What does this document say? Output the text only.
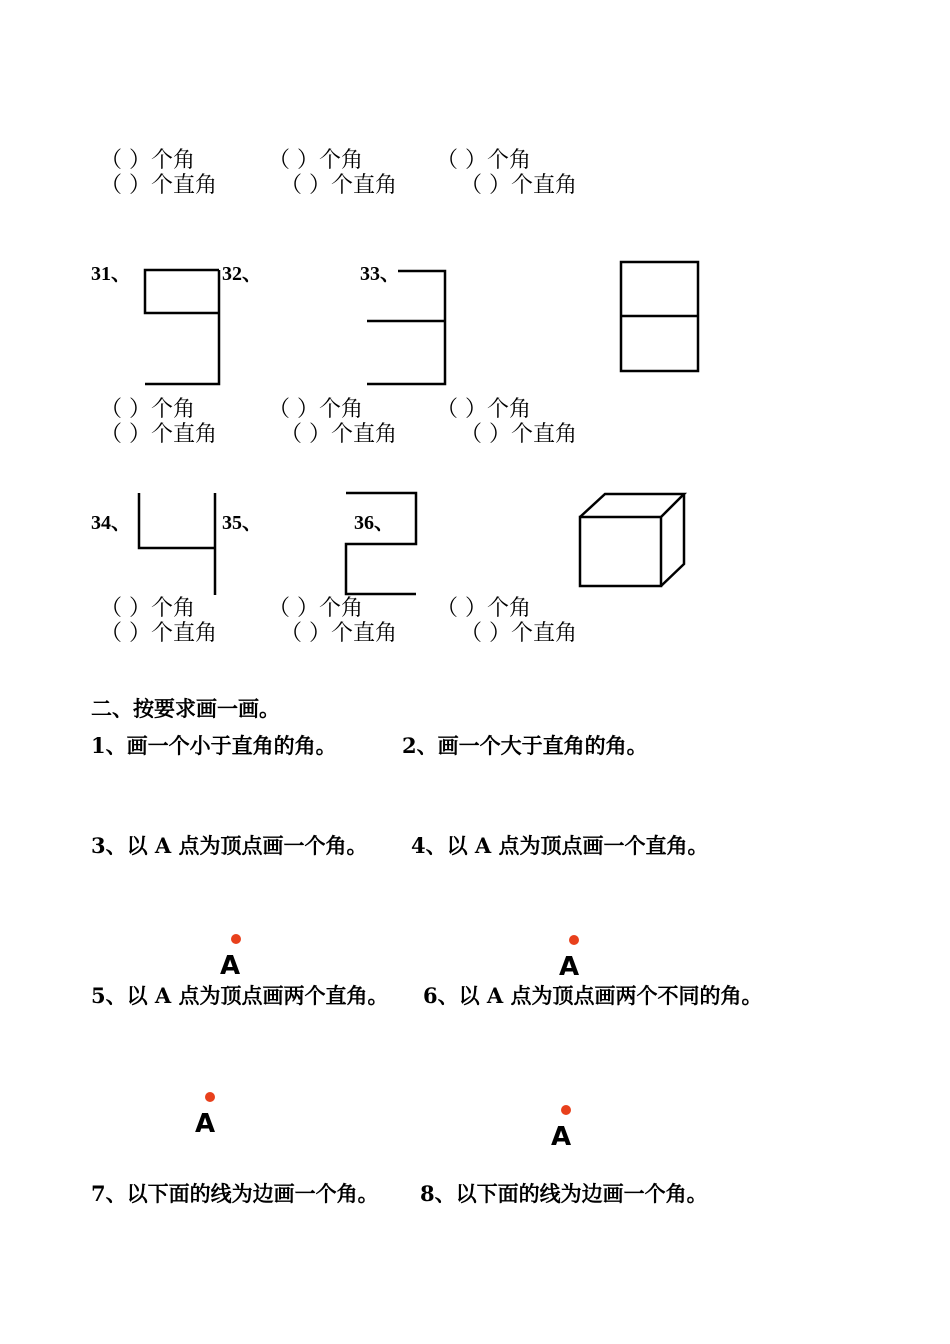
（ ）个角	（ ）个角	（ ）个角
（ ）个直角	（ ）个直角	（ ）个直角
31、	32、	33、
（ ）个角	（ ）个角	（ ）个角
（ ）个直角	（ ）个直角	（ ）个直角
34、	35、	36、
（ ）个角	（ ）个角	（ ）个角
（ ）个直角	（ ）个直角	（ ）个直角
二、按要求画一画。
1、画一个小于直角的角。	2、画一个大于直角的角。
3、以 A 点为顶点画一个角。 4、以 A 点为顶点画一个直角。
A	A
5、以 A 点为顶点画两个直角。 6、以 A 点为顶点画两个不同的角。
A	A
7、以下面的线为边画一个角。 8、以下面的线为边画一个角。
